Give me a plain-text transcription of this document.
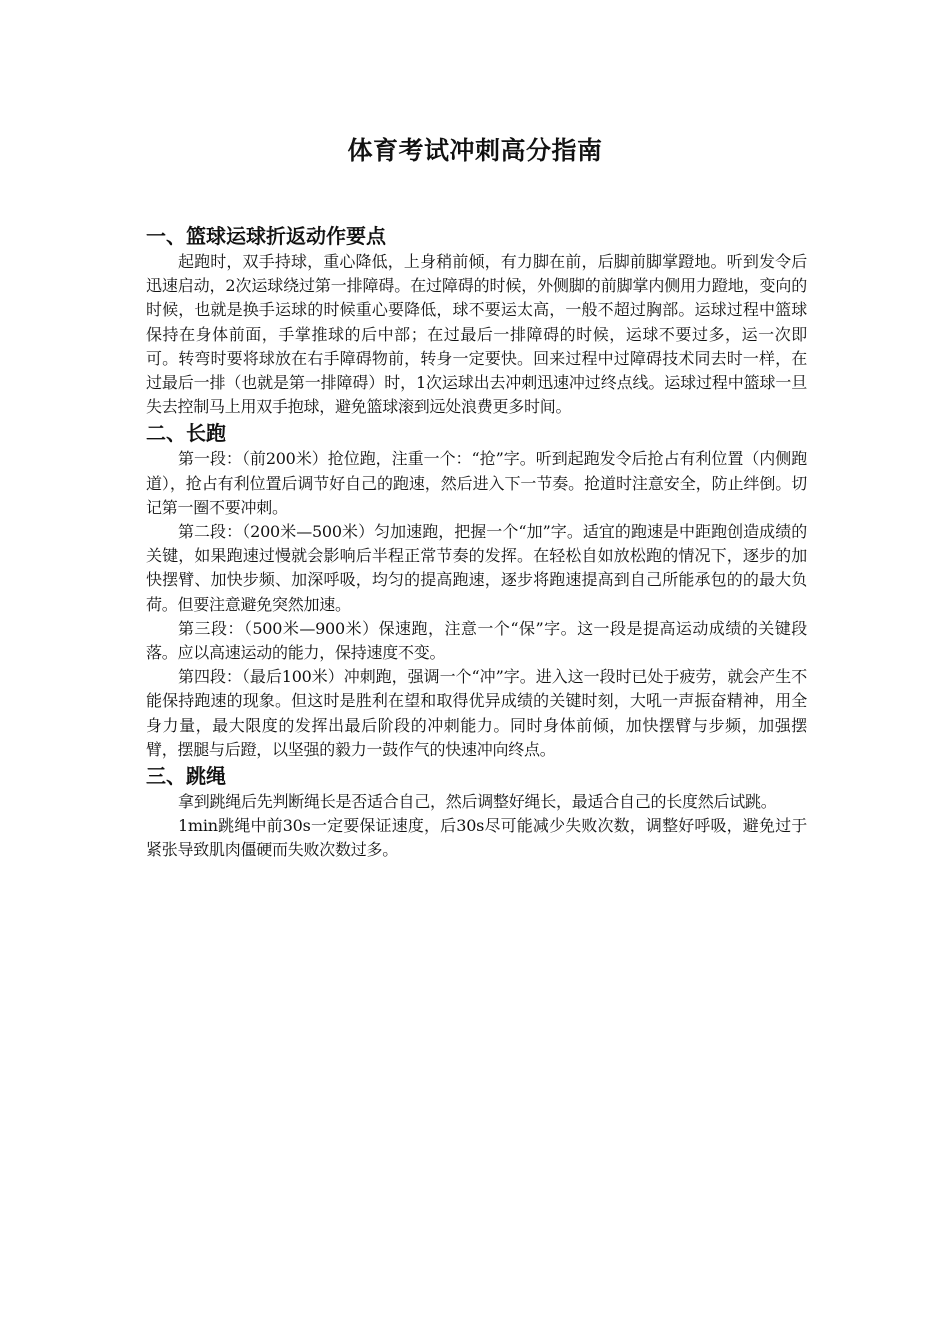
体育考试冲刺高分指南
一、篮球运球折返动作要点

起跑时，双手持球，重心降低，上身稍前倾，有力脚在前，后脚前脚掌蹬地。听到发令后迅速启动，2次运球绕过第一排障碍。在过障碍的时候，外侧脚的前脚掌内侧用力蹬地，变向的时候，也就是换手运球的时候重心要降低，球不要运太高，一般不超过胸部。运球过程中篮球保持在身体前面，手掌推球的后中部；在过最后一排障碍的时候，运球不要过多，运一次即可。转弯时要将球放在右手障碍物前，转身一定要快。回来过程中过障碍技术同去时一样，在过最后一排（也就是第一排障碍）时，1次运球出去冲刺迅速冲过终点线。运球过程中篮球一旦失去控制马上用双手抱球，避免篮球滚到远处浪费更多时间。

二、长跑

第一段：（前200米）抢位跑，注重一个：“抢”字。听到起跑发令后抢占有利位置（内侧跑道），抢占有利位置后调节好自己的跑速，然后进入下一节奏。抢道时注意安全，防止绊倒。切记第一圈不要冲刺。

第二段：（200米—500米）匀加速跑，把握一个“加”字。适宜的跑速是中距跑创造成绩的关键，如果跑速过慢就会影响后半程正常节奏的发挥。在轻松自如放松跑的情况下，逐步的加快摆臂、加快步频、加深呼吸，均匀的提高跑速，逐步将跑速提高到自己所能承包的的最大负荷。但要注意避免突然加速。

第三段：（500米—900米）保速跑，注意一个“保”字。这一段是提高运动成绩的关键段落。应以高速运动的能力，保持速度不变。

第四段：（最后100米）冲刺跑，强调一个“冲”字。进入这一段时已处于疲劳，就会产生不能保持跑速的现象。但这时是胜利在望和取得优异成绩的关键时刻，大吼一声振奋精神，用全身力量，最大限度的发挥出最后阶段的冲刺能力。同时身体前倾，加快摆臂与步频，加强摆臂，摆腿与后蹬，以坚强的毅力一鼓作气的快速冲向终点。

三、跳绳

拿到跳绳后先判断绳长是否适合自己，然后调整好绳长，最适合自己的长度然后试跳。

1min跳绳中前30s一定要保证速度，后30s尽可能减少失败次数，调整好呼吸，避免过于紧张导致肌肉僵硬而失败次数过多。
